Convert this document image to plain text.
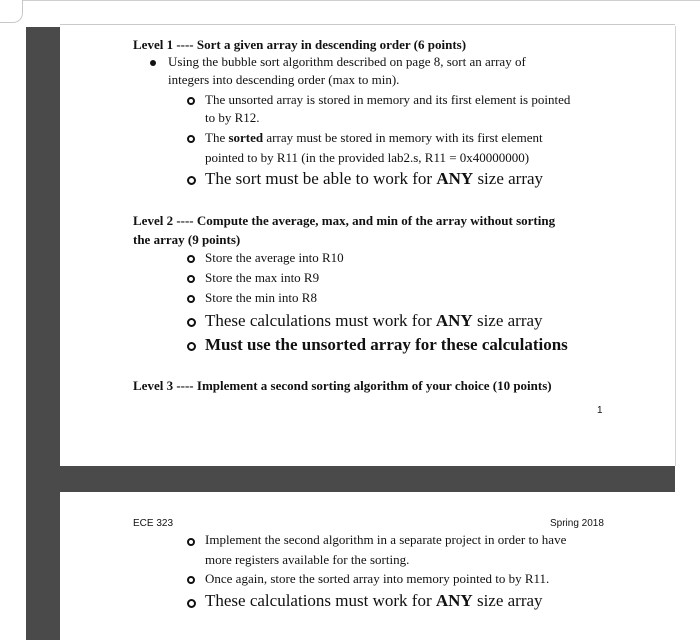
Level 1 ---- Sort a given array in descending order (6 points)
Using the bubble sort algorithm described on page 8, sort an array of
integers into descending order (max to min).
The unsorted array is stored in memory and its first element is pointed
to by R12.
The sorted array must be stored in memory with its first element
pointed to by R11 (in the provided lab2.s, R11 = 0x40000000)
The sort must be able to work for ANY size array
Level 2 ---- Compute the average, max, and min of the array without sorting
the array (9 points)
Store the average into R10
Store the max into R9
Store the min into R8
These calculations must work for ANY size array
Must use the unsorted array for these calculations
Level 3 ---- Implement a second sorting algorithm of your choice (10 points)
1
ECE 323	Spring 2018
Implement the second algorithm in a separate project in order to have
more registers available for the sorting.
Once again, store the sorted array into memory pointed to by R11.
These calculations must work for ANY size array
